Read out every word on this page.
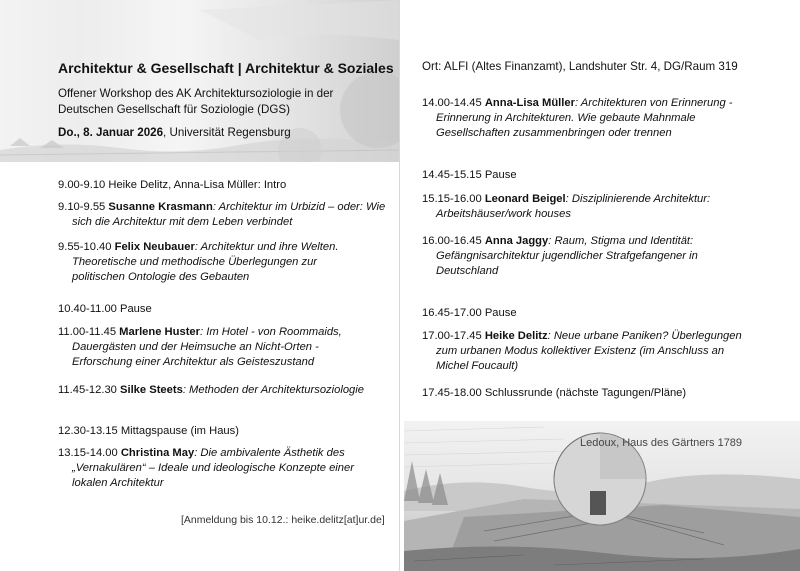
Architektur & Gesellschaft | Architektur & Soziales
Offener Workshop des AK Architektursoziologie in der Deutschen Gesellschaft für Soziologie (DGS)
Do., 8. Januar 2026, Universität Regensburg
9.00-9.10 Heike Delitz, Anna-Lisa Müller: Intro
9.10-9.55 Susanne Krasmann: Architektur im Urbizid – oder: Wie
sich die Architektur mit dem Leben verbindet
9.55-10.40 Felix Neubauer: Architektur und ihre Welten.
Theoretische und methodische Überlegungen zur
politischen Ontologie des Gebauten
10.40-11.00 Pause
11.00-11.45 Marlene Huster: Im Hotel - von Roommaids,
Dauergästen und der Heimsuche an Nicht-Orten -
Erforschung einer Architektur als Geisteszustand
11.45-12.30 Silke Steets: Methoden der Architektursoziologie
12.30-13.15 Mittagspause (im Haus)
13.15-14.00 Christina May: Die ambivalente Ästhetik des
„Vernakulären“ – Ideale und ideologische Konzepte einer
lokalen Architektur
[Anmeldung bis 10.12.: heike.delitz[at]ur.de]
Ort: ALFI (Altes Finanzamt), Landshuter Str. 4, DG/Raum 319
14.00-14.45 Anna-Lisa Müller: Architekturen von Erinnerung -
Erinnerung in Architekturen. Wie gebaute Mahnmale
Gesellschaften zusammenbringen oder trennen
14.45-15.15 Pause
15.15-16.00 Leonard Beigel: Disziplinierende Architektur:
Arbeitshäuser/work houses
16.00-16.45 Anna Jaggy: Raum, Stigma und Identität:
Gefängnisarchitektur jugendlicher Strafgefangener in
Deutschland
16.45-17.00 Pause
17.00-17.45 Heike Delitz: Neue urbane Paniken? Überlegungen
zum urbanen Modus kollektiver Existenz (im Anschluss an
Michel Foucault)
17.45-18.00 Schlussrunde (nächste Tagungen/Pläne)
Ledoux, Haus des Gärtners 1789
